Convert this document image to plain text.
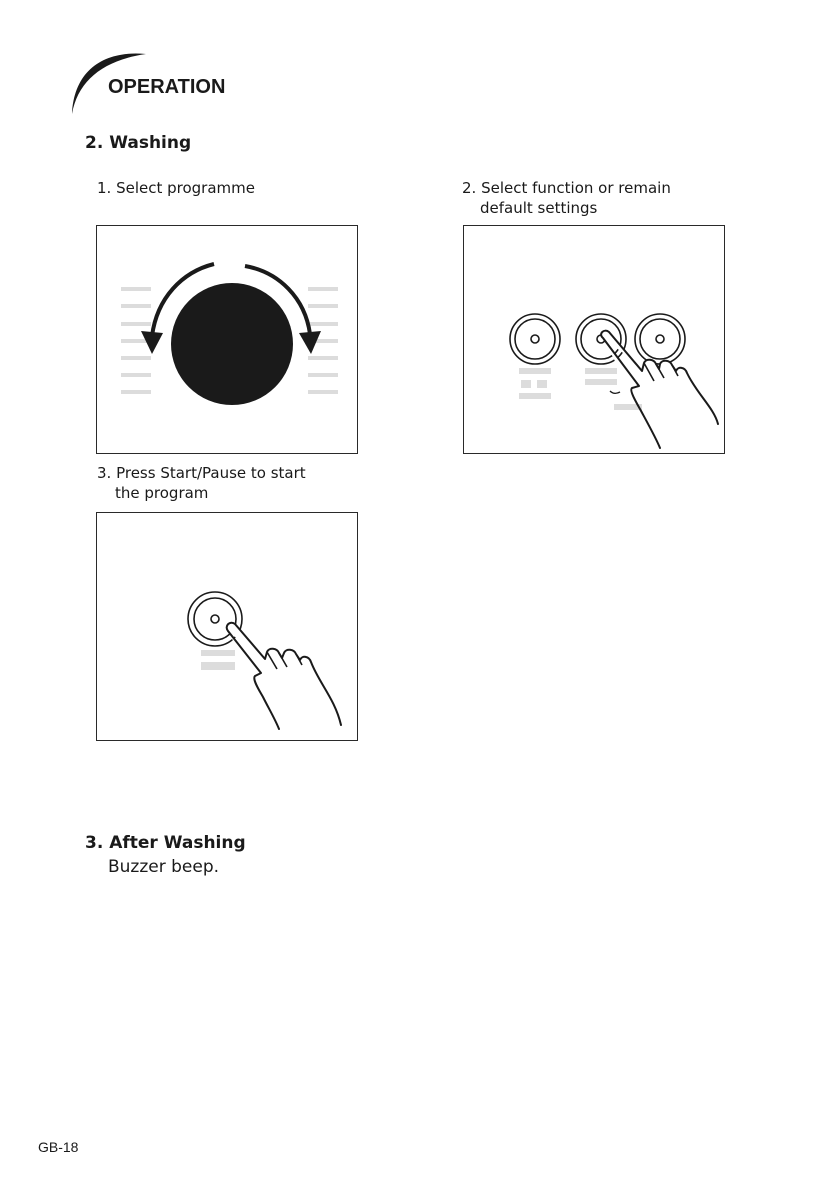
OPERATION
2. Washing
1. Select programme	2. Select function or remain
default settings
3. Press Start/Pause to start
the program
3. After Washing
Buzzer beep.
GB-18
